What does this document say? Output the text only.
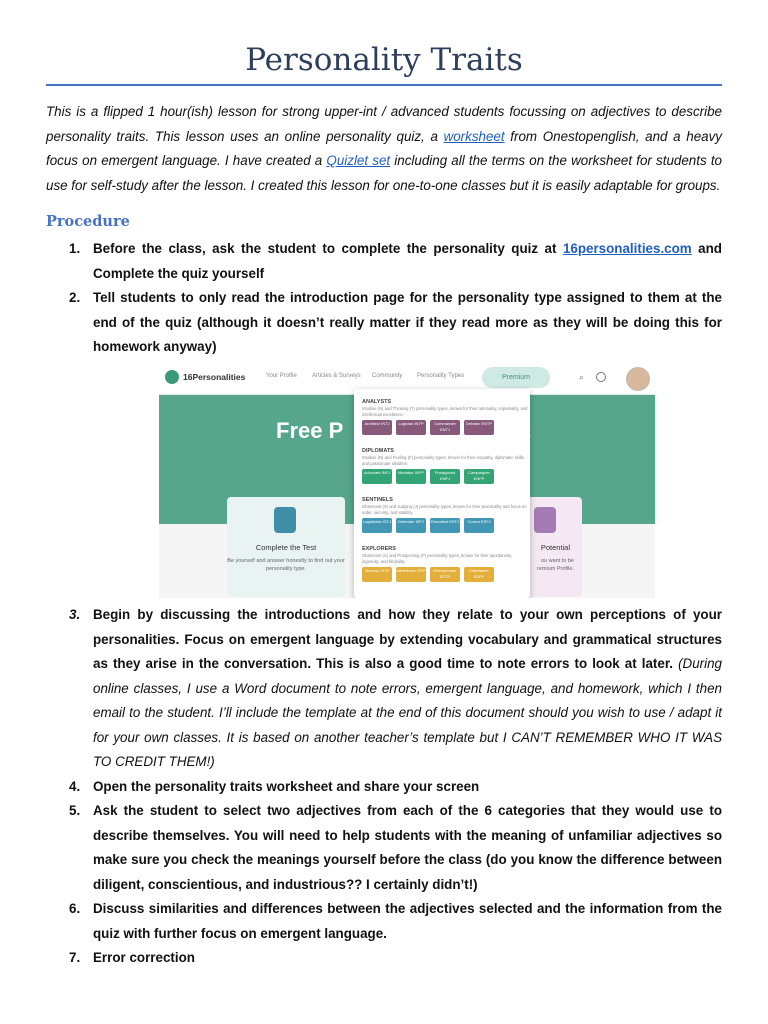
Personality Traits
This is a flipped 1 hour(ish) lesson for strong upper-int / advanced students focussing on adjectives to describe personality traits. This lesson uses an online personality quiz, a worksheet from Onestopenglish, and a heavy focus on emergent language. I have created a Quizlet set including all the terms on the worksheet for students to use for self-study after the lesson. I created this lesson for one-to-one classes but it is easily adaptable for groups.
Procedure
1. Before the class, ask the student to complete the personality quiz at 16personalities.com and Complete the quiz yourself
2. Tell students to only read the introduction page for the personality type assigned to them at the end of the quiz (although it doesn’t really matter if they read more as they will be doing this for homework anyway)
Free P
Complete the Test
Be yourself and answer honestly to find out your personality type.
Potential
ou want to be
remium Profile.
16Personalities	Your Profile	Articles & Surveys Community Personality Types	Premium	⌕
ANALYSTS
Intuitive (N) and Thinking (T) personality types, known for their rationality, impartiality, and intellectual excellence.
Architect INTJ Logician INTP	Commander ENTJDebater ENTP
DIPLOMATS
Intuitive (N) and Feeling (F) personality types, known for their empathy, diplomatic skills, and passionate idealism.
Advocate INFJ Mediator INFP	Protagonist ENFJCampaigner ENFP
SENTINELS
Observant (S) and Judging (J) personality types, known for their practicality and focus on order, security, and stability.
Logistician ISTJ Defender ISFJ Executive ESTJ Consul ESFJ
EXPLORERS
Observant (S) and Prospecting (P) personality types, known for their spontaneity, ingenuity, and flexibility.
Virtuoso ISTP Adventurer ISFP Entrepreneur ESTPEntertainer ESFP
3. Begin by discussing the introductions and how they relate to your own perceptions of your personalities. Focus on emergent language by extending vocabulary and grammatical structures as they arise in the conversation. This is also a good time to note errors to look at later. (During online classes, I use a Word document to note errors, emergent language, and homework, which I then email to the student. I’ll include the template at the end of this document should you wish to use / adapt it for your own classes. It is based on another teacher’s template but I CAN’T REMEMBER WHO IT WAS TO CREDIT THEM!)
4. Open the personality traits worksheet and share your screen
5. Ask the student to select two adjectives from each of the 6 categories that they would use to describe themselves. You will need to help students with the meaning of unfamiliar adjectives so make sure you check the meanings yourself before the class (do you know the difference between diligent, conscientious, and industrious?? I certainly didn’t!)
6. Discuss similarities and differences between the adjectives selected and the information from the quiz with further focus on emergent language.
7. Error correction
